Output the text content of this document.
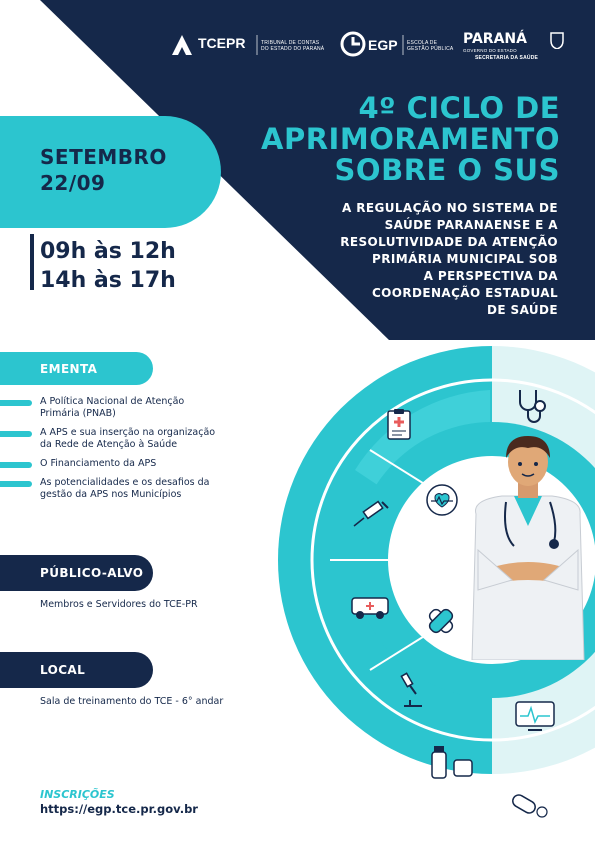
TCEPR	TRIBUNAL DE CONTAS
DO ESTADO DO PARANÁ	EGP ESCOLA DE
GESTÃO PÚBLICA
PARANÁ
GOVERNO DO ESTADO
SECRETARIA DA SAÚDE
4º CICLO DE
APRIMORAMENTO
SOBRE O SUS
A REGULAÇÃO NO SISTEMA DE
SAÚDE PARANAENSE E A
RESOLUTIVIDADE DA ATENÇÃO
PRIMÁRIA MUNICIPAL SOB
A PERSPECTIVA DA
COORDENAÇÃO ESTADUAL
DE SAÚDE
SETEMBRO
22/09
09h às 12h
14h às 17h
EMENTA
A Política Nacional de Atenção
Primária (PNAB)
A APS e sua inserção na organização
da Rede de Atenção à Saúde
O Financiamento da APS
As potencialidades e os desafios da
gestão da APS nos Municípios
PÚBLICO-ALVO
Membros e Servidores do TCE-PR
LOCAL
Sala de treinamento do TCE - 6° andar
INSCRIÇÕES
https://egp.tce.pr.gov.br
